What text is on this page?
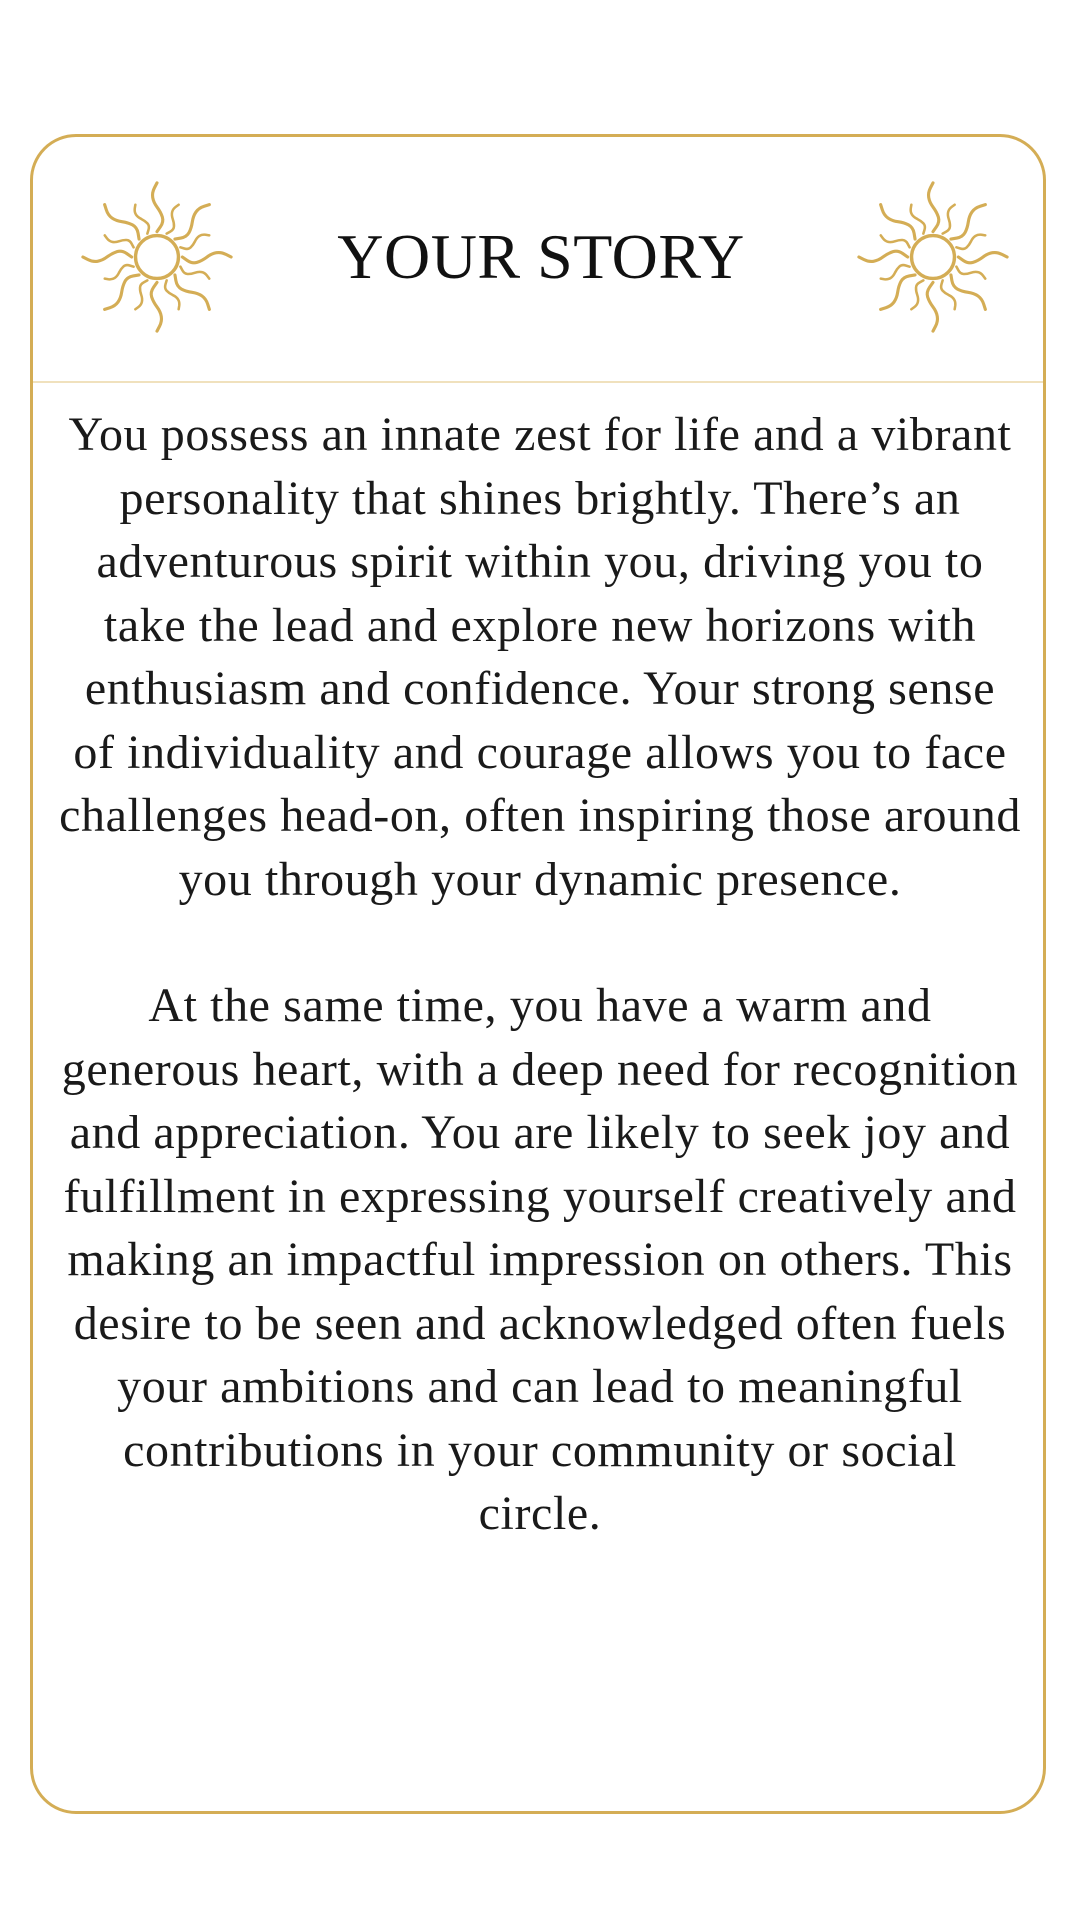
YOUR STORY

You possess an innate zest for life and a vibrant personality that shines brightly. There’s an adventurous spirit within you, driving you to take the lead and explore new horizons with enthusiasm and confidence. Your strong sense of individuality and courage allows you to face challenges head-on, often inspiring those around you through your dynamic presence.

At the same time, you have a warm and generous heart, with a deep need for recognition and appreciation. You are likely to seek joy and fulfillment in expressing yourself creatively and making an impactful impression on others. This desire to be seen and acknowledged often fuels your ambitions and can lead to meaningful contributions in your community or social circle.
